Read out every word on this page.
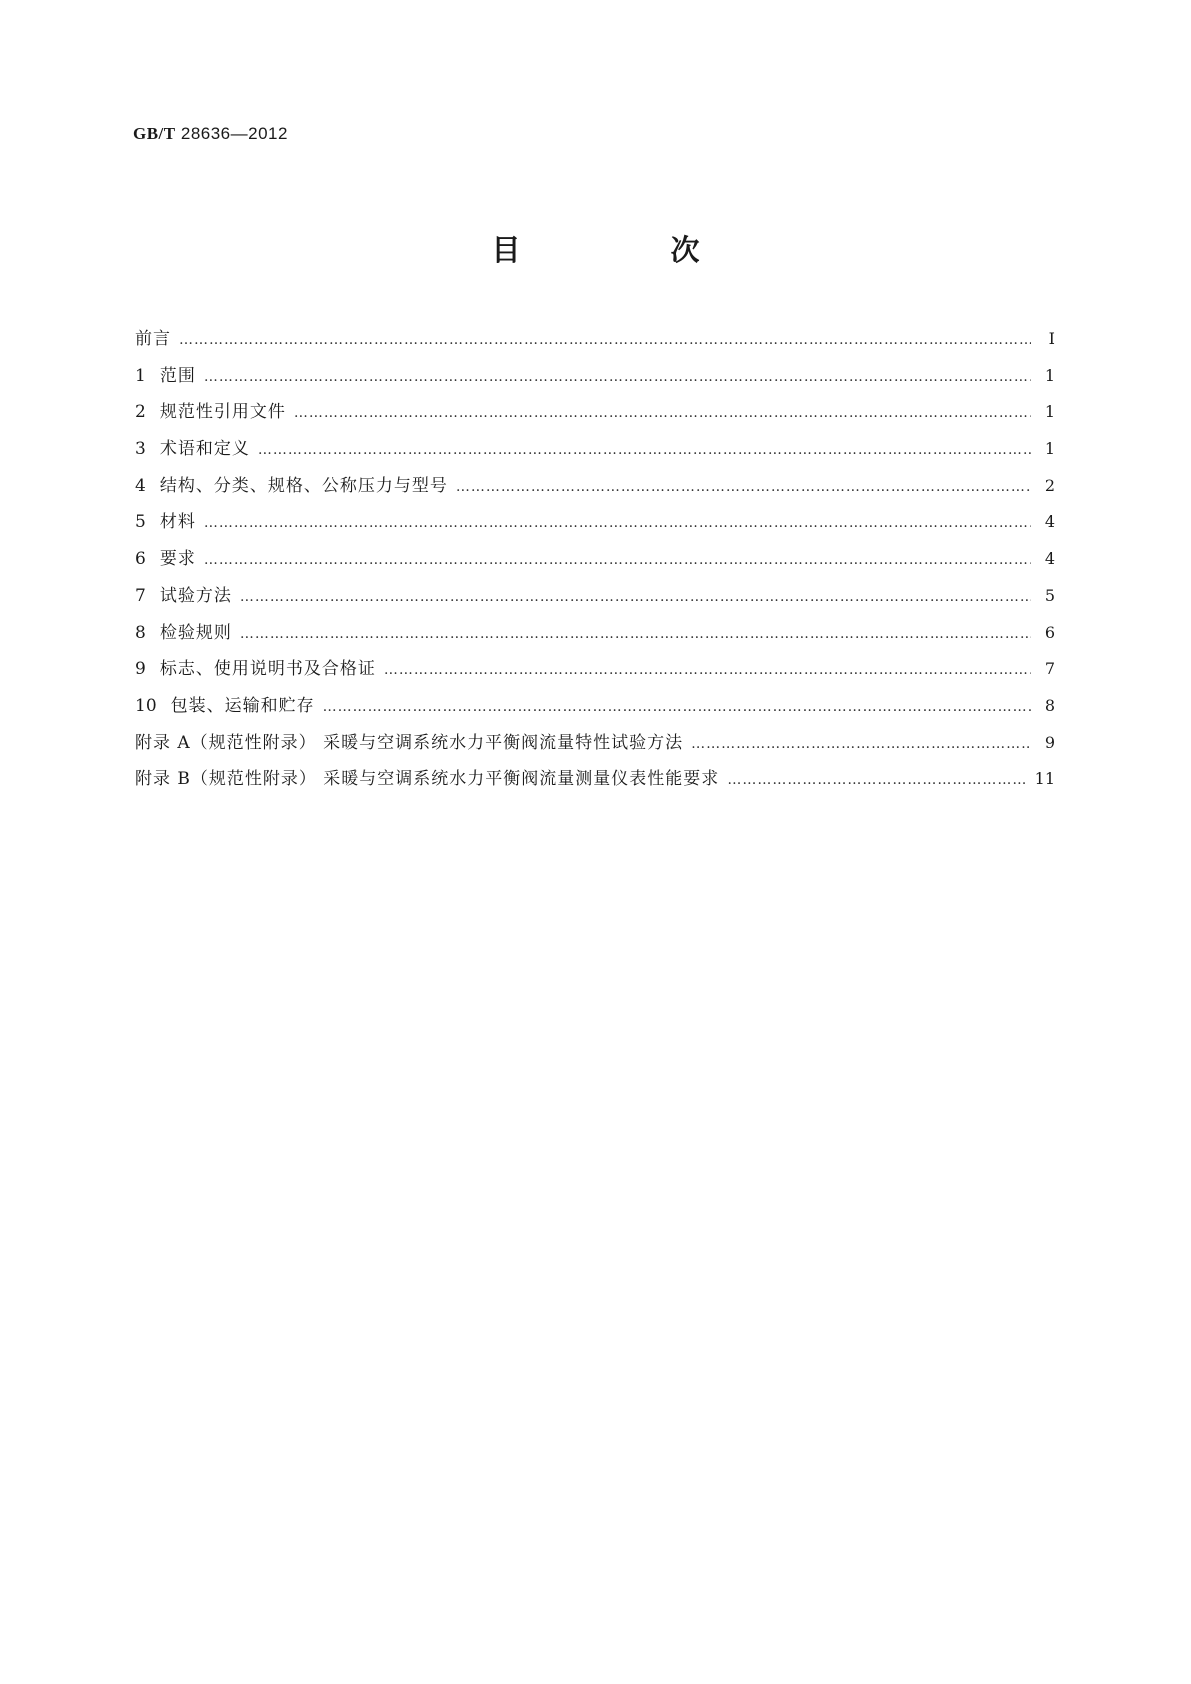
GB/T 28636—2012
目 次
前言 …………………………………………………………………………………………………………………………………………………………………………………………………	I
1 范围 …………………………………………………………………………………………………………………………………………………………………………………………………	1
2 规范性引用文件 …………………………………………………………………………………………………………………………………………………………………………………………………	1
3 术语和定义 …………………………………………………………………………………………………………………………………………………………………………………………………	1
4 结构、分类、规格、公称压力与型号 …………………………………………………………………………………………………………………………………………………………………………………………………	2
5 材料 …………………………………………………………………………………………………………………………………………………………………………………………………	4
6 要求 …………………………………………………………………………………………………………………………………………………………………………………………………	4
7 试验方法 …………………………………………………………………………………………………………………………………………………………………………………………………	5
8 检验规则 …………………………………………………………………………………………………………………………………………………………………………………………………	6
9 标志、使用说明书及合格证 …………………………………………………………………………………………………………………………………………………………………………………………………	7
10 包装、运输和贮存 …………………………………………………………………………………………………………………………………………………………………………………………………	8
附录 A（规范性附录） 采暖与空调系统水力平衡阀流量特性试验方法 …………………………………………………………………………………………………………………………………………………………………………………………………	9
附录 B（规范性附录） 采暖与空调系统水力平衡阀流量测量仪表性能要求 …………………………………………………………………………………………………………………………………………………………………………………………………	11
